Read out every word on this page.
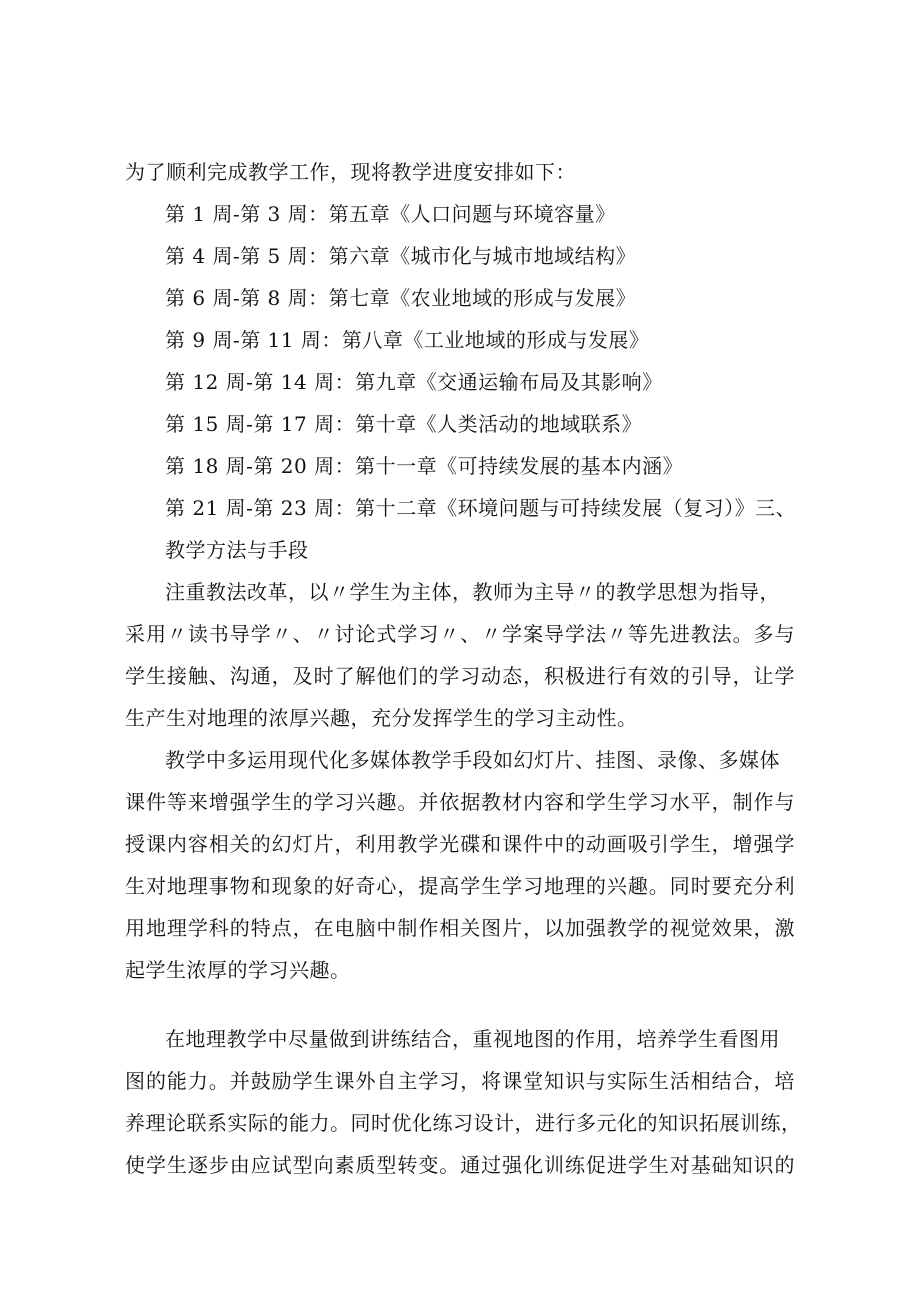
为了顺利完成教学工作，现将教学进度安排如下：
第 1 周-第 3 周：第五章《人口问题与环境容量》
第 4 周-第 5 周：第六章《城市化与城市地域结构》
第 6 周-第 8 周：第七章《农业地域的形成与发展》
第 9 周-第 11 周：第八章《工业地域的形成与发展》
第 12 周-第 14 周：第九章《交通运输布局及其影响》
第 15 周-第 17 周：第十章《人类活动的地域联系》
第 18 周-第 20 周：第十一章《可持续发展的基本内涵》
第 21 周-第 23 周：第十二章《环境问题与可持续发展（复习）》三、
教学方法与手段
注重教法改革，以〃学生为主体，教师为主导〃的教学思想为指导，
采用〃读书导学〃、〃讨论式学习〃、〃学案导学法〃等先进教法。多与
学生接触、沟通，及时了解他们的学习动态，积极进行有效的引导，让学
生产生对地理的浓厚兴趣，充分发挥学生的学习主动性。
教学中多运用现代化多媒体教学手段如幻灯片、挂图、录像、多媒体
课件等来增强学生的学习兴趣。并依据教材内容和学生学习水平，制作与
授课内容相关的幻灯片，利用教学光碟和课件中的动画吸引学生，增强学
生对地理事物和现象的好奇心，提高学生学习地理的兴趣。同时要充分利
用地理学科的特点，在电脑中制作相关图片，以加强教学的视觉效果，激
起学生浓厚的学习兴趣。
在地理教学中尽量做到讲练结合，重视地图的作用，培养学生看图用
图的能力。并鼓励学生课外自主学习，将课堂知识与实际生活相结合，培
养理论联系实际的能力。同时优化练习设计，进行多元化的知识拓展训练，
使学生逐步由应试型向素质型转变。通过强化训练促进学生对基础知识的
